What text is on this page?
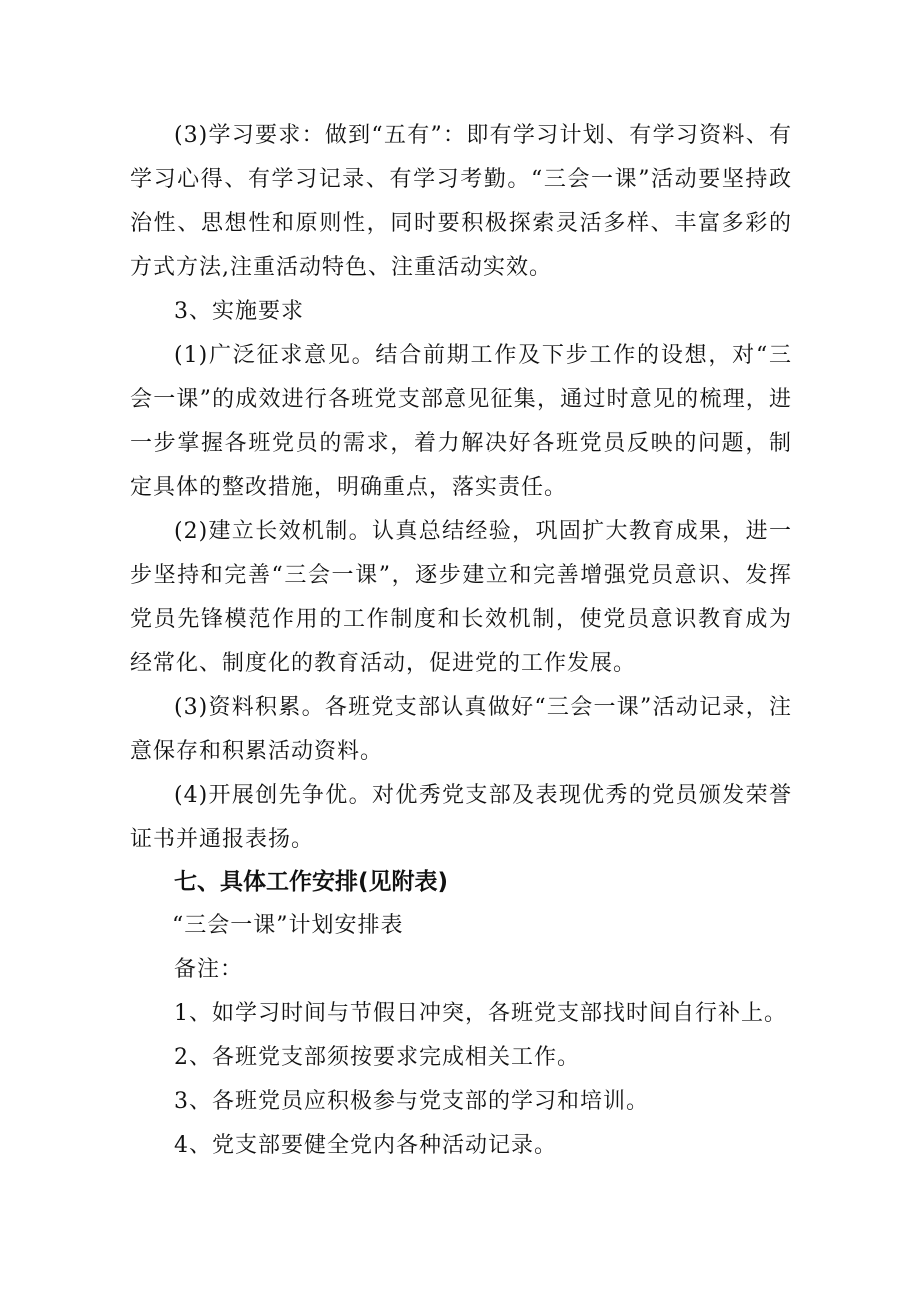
(3)学习要求：做到“五有”：即有学习计划、有学习资料、有学习心得、有学习记录、有学习考勤。“三会一课”活动要坚持政治性、思想性和原则性，同时要积极探索灵活多样、丰富多彩的方式方法,注重活动特色、注重活动实效。

3、实施要求

(1)广泛征求意见。结合前期工作及下步工作的设想，对“三会一课”的成效进行各班党支部意见征集，通过时意见的梳理，进一步掌握各班党员的需求，着力解决好各班党员反映的问题，制定具体的整改措施，明确重点，落实责任。

(2)建立长效机制。认真总结经验，巩固扩大教育成果，进一步坚持和完善“三会一课”，逐步建立和完善增强党员意识、发挥党员先锋模范作用的工作制度和长效机制，使党员意识教育成为经常化、制度化的教育活动，促进党的工作发展。

(3)资料积累。各班党支部认真做好“三会一课”活动记录，注意保存和积累活动资料。

(4)开展创先争优。对优秀党支部及表现优秀的党员颁发荣誉证书并通报表扬。

七、具体工作安排(见附表)

“三会一课”计划安排表

备注：

1、如学习时间与节假日冲突，各班党支部找时间自行补上。

2、各班党支部须按要求完成相关工作。

3、各班党员应积极参与党支部的学习和培训。

4、党支部要健全党内各种活动记录。
